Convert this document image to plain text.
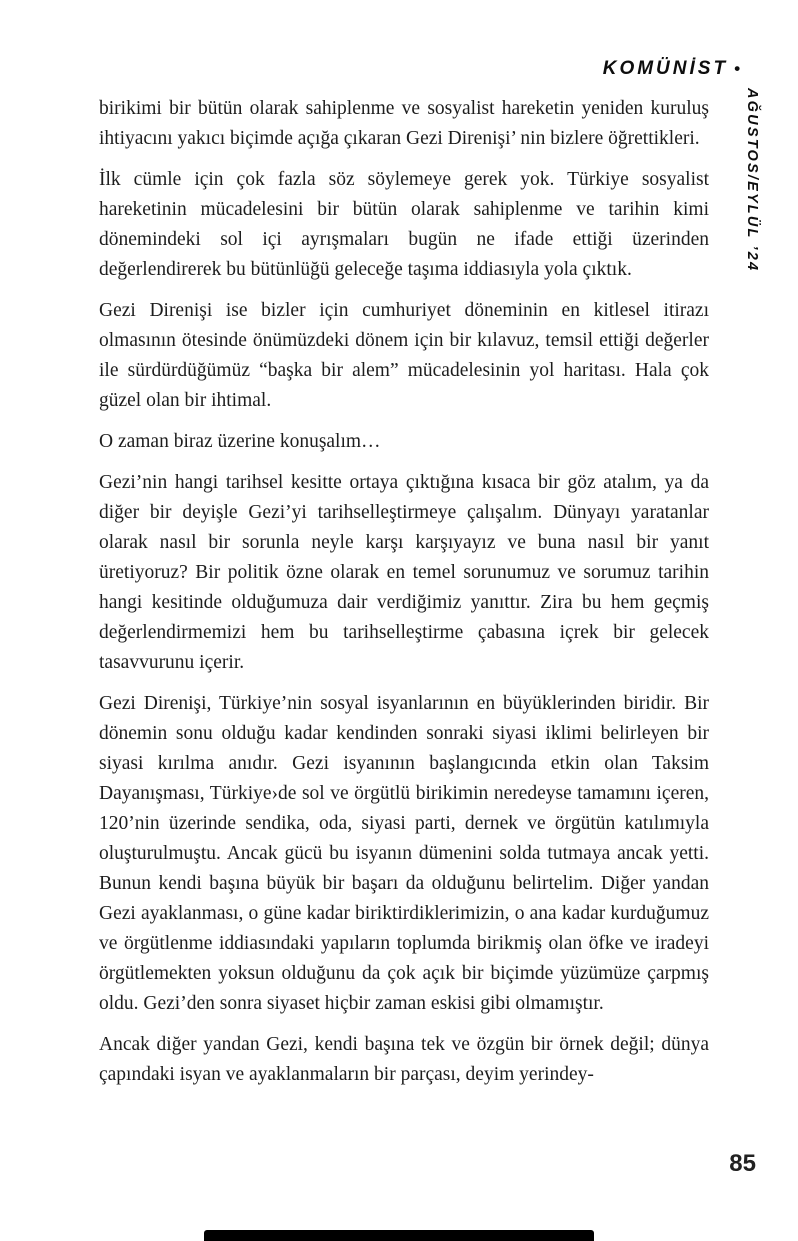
KOMÜNİST •
AĞUSTOS/EYLÜL ’24

birikimi bir bütün olarak sahiplenme ve sosyalist hareketin yeniden kuruluş ihtiyacını yakıcı biçimde açığa çıkaran Gezi Direnişi’ nin bizlere öğrettikleri.

İlk cümle için çok fazla söz söylemeye gerek yok. Türkiye sosyalist hareketinin mücadelesini bir bütün olarak sahiplenme ve tarihin kimi dönemindeki sol içi ayrışmaları bugün ne ifade ettiği üzerinden değerlendirerek bu bütünlüğü geleceğe taşıma iddiasıyla yola çıktık.

Gezi Direnişi ise bizler için cumhuriyet döneminin en kitlesel itirazı olmasının ötesinde önümüzdeki dönem için bir kılavuz, temsil ettiği değerler ile sürdürdüğümüz “başka bir alem” mücadelesinin yol haritası. Hala çok güzel olan bir ihtimal.

O zaman biraz üzerine konuşalım…

Gezi’nin hangi tarihsel kesitte ortaya çıktığına kısaca bir göz atalım, ya da diğer bir deyişle Gezi’yi tarihselleştirmeye çalışalım. Dünyayı yaratanlar olarak nasıl bir sorunla neyle karşı karşıyayız ve buna nasıl bir yanıt üretiyoruz? Bir politik özne olarak en temel sorunumuz ve sorumuz tarihin hangi kesitinde olduğumuza dair verdiğimiz yanıttır. Zira bu hem geçmiş değerlendirmemizi hem bu tarihselleştirme çabasına içrek bir gelecek tasavvurunu içerir.

Gezi Direnişi, Türkiye’nin sosyal isyanlarının en büyüklerinden biridir. Bir dönemin sonu olduğu kadar kendinden sonraki siyasi iklimi belirleyen bir siyasi kırılma anıdır. Gezi isyanının başlangıcında etkin olan Taksim Dayanışması, Türkiye›de sol ve örgütlü birikimin neredeyse tamamını içeren, 120’nin üzerinde sendika, oda, siyasi parti, dernek ve örgütün katılımıyla oluşturulmuştu. Ancak gücü bu isyanın dümenini solda tutmaya ancak yetti. Bunun kendi başına büyük bir başarı da olduğunu belirtelim. Diğer yandan Gezi ayaklanması, o güne kadar biriktirdiklerimizin, o ana kadar kurduğumuz ve örgütlenme iddiasındaki yapıların toplumda birikmiş olan öfke ve iradeyi örgütlemekten yoksun olduğunu da çok açık bir biçimde yüzümüze çarpmış oldu. Gezi’den sonra siyaset hiçbir zaman eskisi gibi olmamıştır.

Ancak diğer yandan Gezi, kendi başına tek ve özgün bir örnek değil; dünya çapındaki isyan ve ayaklanmaların bir parçası, deyim yerindey-

85
